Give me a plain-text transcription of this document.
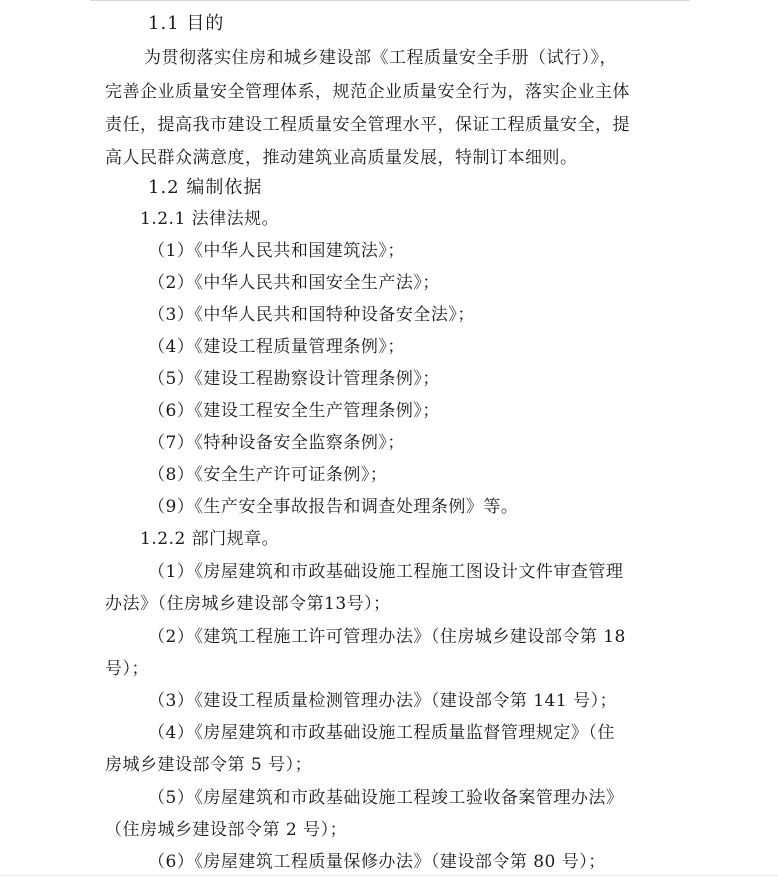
1.1 目的
为贯彻落实住房和城乡建设部《工程质量安全手册（试行）》，
完善企业质量安全管理体系，规范企业质量安全行为，落实企业主体
责任，提高我市建设工程质量安全管理水平，保证工程质量安全，提
高人民群众满意度，推动建筑业高质量发展，特制订本细则。
1.2 编制依据
1.2.1 法律法规。
（1）《中华人民共和国建筑法》；
（2）《中华人民共和国安全生产法》；
（3）《中华人民共和国特种设备安全法》；
（4）《建设工程质量管理条例》；
（5）《建设工程勘察设计管理条例》；
（6）《建设工程安全生产管理条例》；
（7）《特种设备安全监察条例》；
（8）《安全生产许可证条例》；
（9）《生产安全事故报告和调查处理条例》等。
1.2.2 部门规章。
（1）《房屋建筑和市政基础设施工程施工图设计文件审查管理
办法》（住房城乡建设部令第13号）；
（2）《建筑工程施工许可管理办法》（住房城乡建设部令第 18
号）；
（3）《建设工程质量检测管理办法》（建设部令第 141 号）；
（4）《房屋建筑和市政基础设施工程质量监督管理规定》（住
房城乡建设部令第 5 号）；
（5）《房屋建筑和市政基础设施工程竣工验收备案管理办法》
（住房城乡建设部令第 2 号）；
（6）《房屋建筑工程质量保修办法》（建设部令第 80 号）；
